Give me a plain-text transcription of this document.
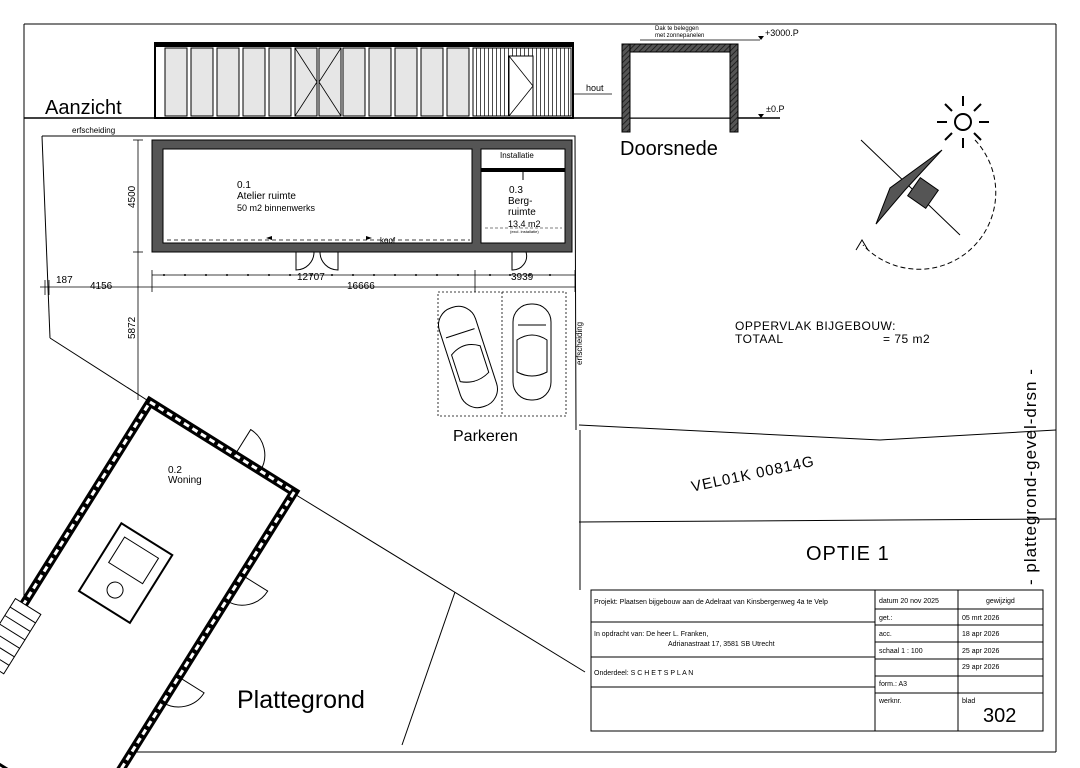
Aanzicht
Doorsnede
Parkeren
Plattegrond
OPTIE 1
hout
+3000.P
±0.P
Dak te beleggen
met zonnepanelen
0.1
Atelier ruimte
50 m2 binnenwerks
koof
Installatie
0.3
Berg-
ruimte
13,4 m2
(excl. installatie)
0.2
Woning
erfscheiding
erfscheiding
187
4156
12707
16666
3939
4500
5872	OPPERVLAK BIJGEBOUW:
TOTAAL	= 75 m2
VEL01K 00814G	- plattegrond-gevel-drsn -
Projekt: Plaatsen bijgebouw aan de Adelraat van Kinsbergenweg 4a te Velp
In opdracht van: De heer L. Franken,
Adrianastraat 17, 3581 SB Utrecht
Onderdeel: S C H E T S P L A N
datum 20 nov 2025	gewijzigd
get.:	05 mrt 2026
acc.	18 apr 2026
schaal 1 : 100	25 apr 2026
29 apr 2026
form.: A3
werknr.	blad
302
